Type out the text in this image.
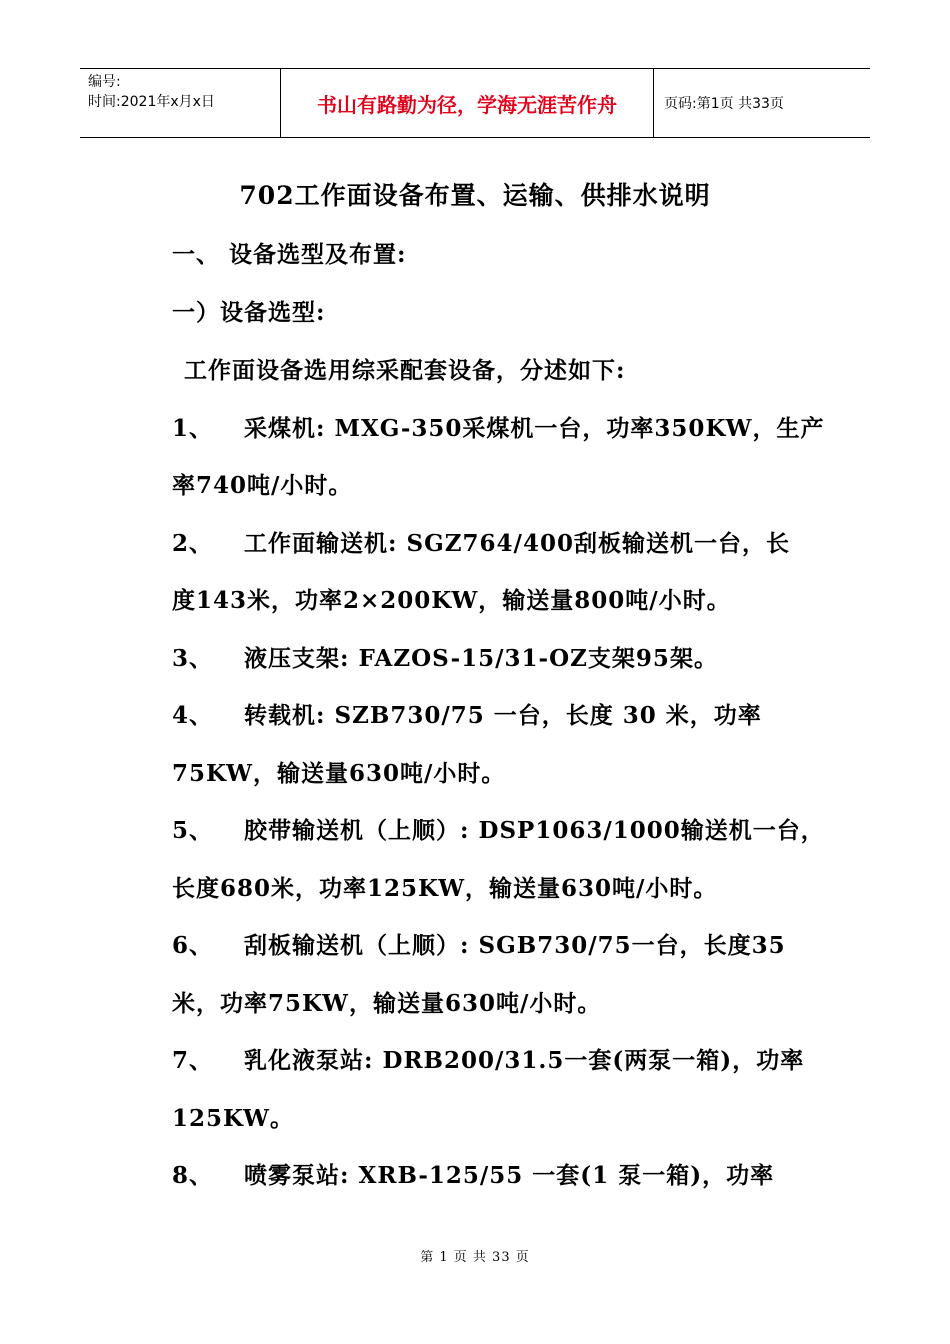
编号:
时间:2021年x月x日	书山有路勤为径，学海无涯苦作舟	页码:第1页 共33页
702工作面设备布置、运输、供排水说明
一、 设备选型及布置:
一）设备选型:
工作面设备选用综采配套设备，分述如下:
1、 采煤机: MXG-350采煤机一台，功率350KW，生产
率740吨/小时。
2、 工作面输送机: SGZ764/400刮板输送机一台，长
度143米，功率2×200KW，输送量800吨/小时。
3、 液压支架: FAZOS-15/31-OZ支架95架。
4、 转载机: SZB730/75 一台，长度 30 米，功率
75KW，输送量630吨/小时。
5、 胶带输送机（上顺）: DSP1063/1000输送机一台，
长度680米，功率125KW，输送量630吨/小时。
6、 刮板输送机（上顺）: SGB730/75一台，长度35
米，功率75KW，输送量630吨/小时。
7、 乳化液泵站: DRB200/31.5一套(两泵一箱)，功率
125KW。
8、 喷雾泵站: XRB-125/55 一套(1 泵一箱)，功率
第 1 页 共 33 页
